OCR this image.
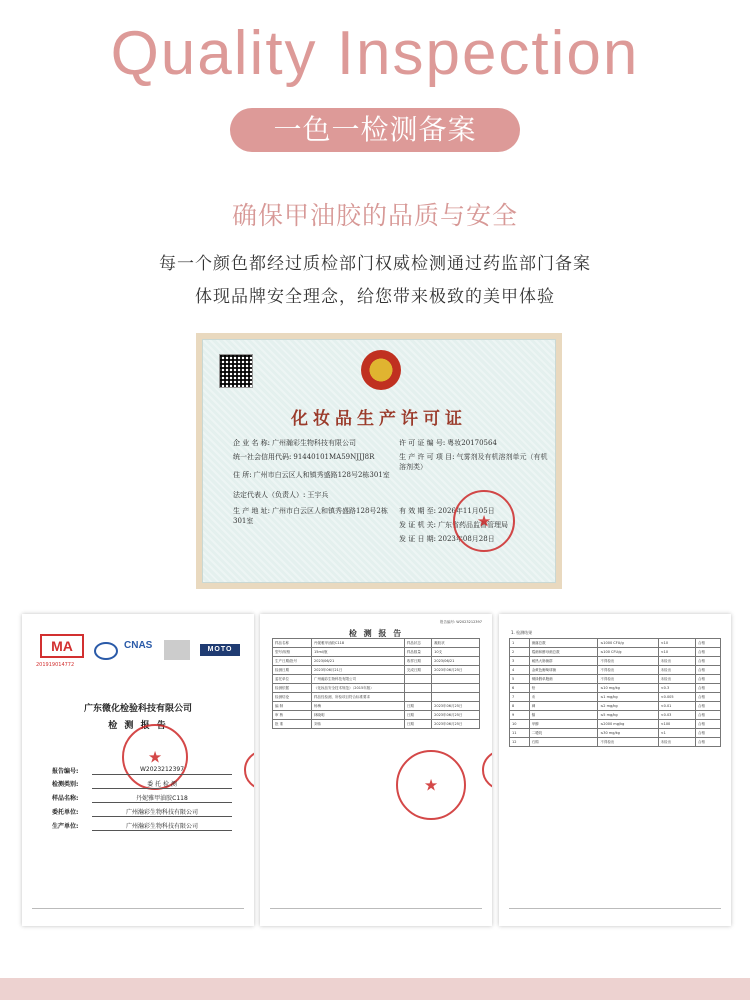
Quality Inspection
一色一检测备案
确保甲油胶的品质与安全
每一个颜色都经过质检部门权威检测通过药监部门备案
体现品牌安全理念，给您带来极致的美甲体验
化妆品生产许可证
企 业 名 称: 广州瀚彩生物科技有限公司	许 可 证 编 号: 粤妆20170564
统一社会信用代码: 91440101MA59NJJJ8R	生 产 许 可 项 目: 气雾剂及有机溶剂单元（有机溶剂类）
住 所: 广州市白云区人和镇秀盛路128号2栋301室
法定代表人（负责人）: 王宇兵
生 产 地 址: 广州市白云区人和镇秀盛路128号2栋301室
有 效 期 至: 2026年11月05日
发 证 机 关: 广东省药品监督管理局
发 证 日 期: 2023年08月28日
★
MA
201919014772
CNAS	MOTO
广东微化检验科技有限公司
检 测 报 告
★
报告编号:	W2023212397
检测类别:	委 托 检 测
样品名称:	丹妮雅甲油胶C118
委托单位:	广州瀚彩生物科技有限公司
生产单位:	广州瀚彩生物科技有限公司
★
报告编号: W2023212397
检 测 报 告
样品名称	丹妮雅甲油胶C118	样品状态	凝胶状
型号/规格	15ml/瓶	样品数量	10支
生产日期/批号	2023/06/21	收样日期	2023/06/21
检测日期	2023年06月21日	完成日期	2023年06月25日
委托单位	广州瀚彩生物科技有限公司		
检测依据	《化妆品安全技术规范》（2015年版）		
检测结论	样品经检测，所检项目符合标准要求		
编 制	杨梅	日期	2023年06月25日
审 核	林晓明	日期	2023年06月25日
批 准	刘伟	日期	2023年06月25日
★
★
1. 检测结果
1	菌落总数	≤1000 CFU/g	<10	合格
2	霉菌和酵母菌总数	≤100 CFU/g	<10	合格
3	耐热大肠菌群	不得检出	未检出	合格
4	金黄色葡萄球菌	不得检出	未检出	合格
5	铜绿假单胞菌	不得检出	未检出	合格
6	铅	≤10 mg/kg	<0.3	合格
7	汞	≤1 mg/kg	<0.005	合格
8	砷	≤2 mg/kg	<0.01	合格
9	镉	≤5 mg/kg	<0.03	合格
10	甲醇	≤2000 mg/kg	<100	合格
11	二噁烷	≤30 mg/kg	<1	合格
12	石棉	不得检出	未检出	合格
